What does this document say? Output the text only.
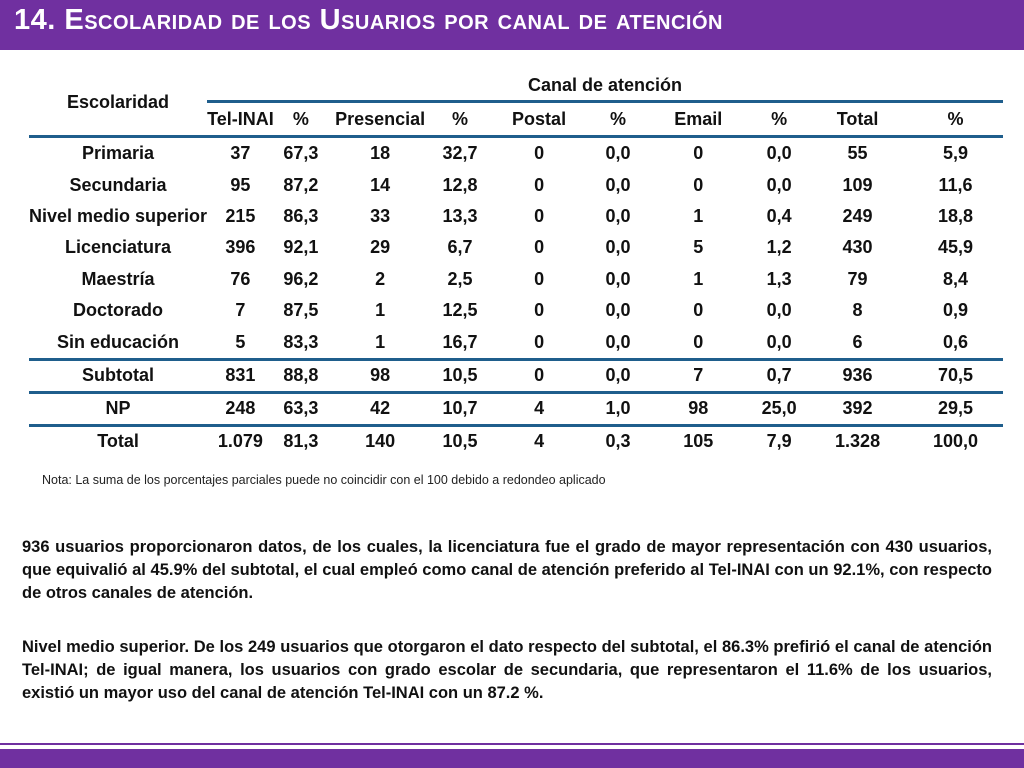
14. Escolaridad de los Usuarios por canal de atención
Escolaridad	Canal de atención									
	Tel-INAI	%	Presencial	%	Postal	%	Email	%	Total	%
Primaria	37	67,3	18	32,7	0	0,0	0	0,0	55	5,9
Secundaria	95	87,2	14	12,8	0	0,0	0	0,0	109	11,6
Nivel medio superior	215	86,3	33	13,3	0	0,0	1	0,4	249	18,8
Licenciatura	396	92,1	29	6,7	0	0,0	5	1,2	430	45,9
Maestría	76	96,2	2	2,5	0	0,0	1	1,3	79	8,4
Doctorado	7	87,5	1	12,5	0	0,0	0	0,0	8	0,9
Sin educación	5	83,3	1	16,7	0	0,0	0	0,0	6	0,6
Subtotal	831	88,8	98	10,5	0	0,0	7	0,7	936	70,5
NP	248	63,3	42	10,7	4	1,0	98	25,0	392	29,5
Total	1.079	81,3	140	10,5	4	0,3	105	7,9	1.328	100,0
Nota: La suma de los porcentajes parciales puede no coincidir con el 100 debido a redondeo aplicado
936 usuarios proporcionaron datos, de los cuales, la licenciatura fue el grado de mayor representación con 430 usuarios, que equivalió al 45.9% del subtotal, el cual empleó como canal de atención preferido al Tel-INAI con un 92.1%, con respecto de otros canales de atención.
Nivel medio superior. De los 249 usuarios que otorgaron el dato respecto del subtotal, el 86.3% prefirió el canal de atención Tel-INAI; de igual manera, los usuarios con grado escolar de secundaria, que representaron el 11.6% de los usuarios, existió un mayor uso del canal de atención Tel-INAI con un 87.2 %.
